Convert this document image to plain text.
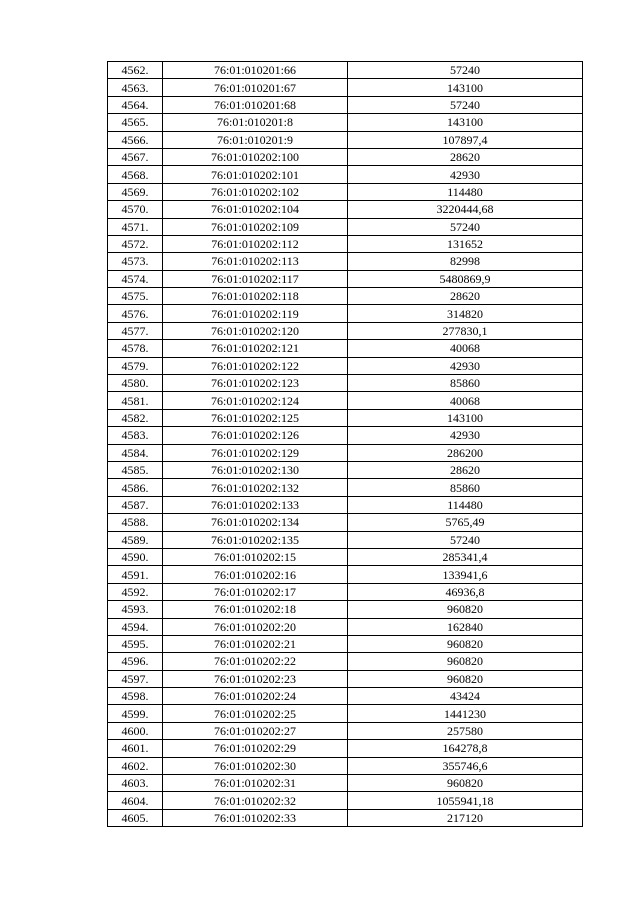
4562.	76:01:010201:66	57240
4563.	76:01:010201:67	143100
4564.	76:01:010201:68	57240
4565.	76:01:010201:8	143100
4566.	76:01:010201:9	107897,4
4567.	76:01:010202:100	28620
4568.	76:01:010202:101	42930
4569.	76:01:010202:102	114480
4570.	76:01:010202:104	3220444,68
4571.	76:01:010202:109	57240
4572.	76:01:010202:112	131652
4573.	76:01:010202:113	82998
4574.	76:01:010202:117	5480869,9
4575.	76:01:010202:118	28620
4576.	76:01:010202:119	314820
4577.	76:01:010202:120	277830,1
4578.	76:01:010202:121	40068
4579.	76:01:010202:122	42930
4580.	76:01:010202:123	85860
4581.	76:01:010202:124	40068
4582.	76:01:010202:125	143100
4583.	76:01:010202:126	42930
4584.	76:01:010202:129	286200
4585.	76:01:010202:130	28620
4586.	76:01:010202:132	85860
4587.	76:01:010202:133	114480
4588.	76:01:010202:134	5765,49
4589.	76:01:010202:135	57240
4590.	76:01:010202:15	285341,4
4591.	76:01:010202:16	133941,6
4592.	76:01:010202:17	46936,8
4593.	76:01:010202:18	960820
4594.	76:01:010202:20	162840
4595.	76:01:010202:21	960820
4596.	76:01:010202:22	960820
4597.	76:01:010202:23	960820
4598.	76:01:010202:24	43424
4599.	76:01:010202:25	1441230
4600.	76:01:010202:27	257580
4601.	76:01:010202:29	164278,8
4602.	76:01:010202:30	355746,6
4603.	76:01:010202:31	960820
4604.	76:01:010202:32	1055941,18
4605.	76:01:010202:33	217120
